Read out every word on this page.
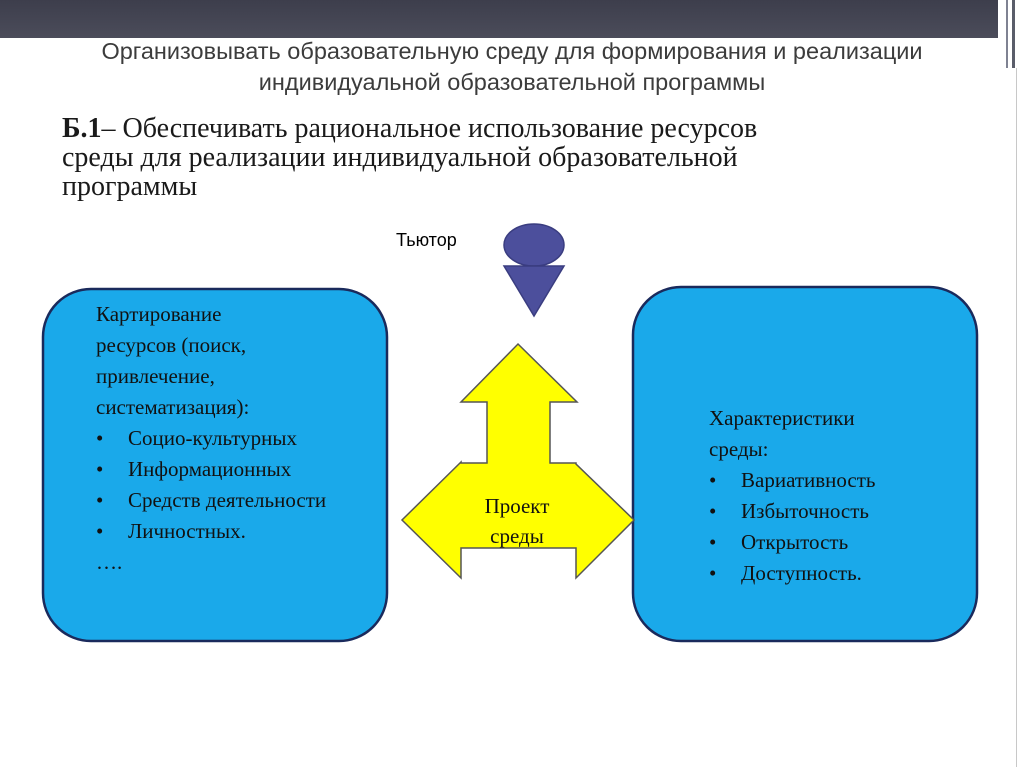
Организовывать образовательную среду для формирования и реализации
индивидуальной образовательной программы
Б.1– Обеспечивать рациональное использование ресурсов
среды для реализации индивидуальной образовательной
программы
Тьютор
Картирование
ресурсов (поиск,
привлечение,
систематизация):
• Социо-культурных
• Информационных
• Средств деятельности
• Личностных.
….
Проект
среды
Характеристики
среды:
• Вариативность
• Избыточность
• Открытость
• Доступность.
